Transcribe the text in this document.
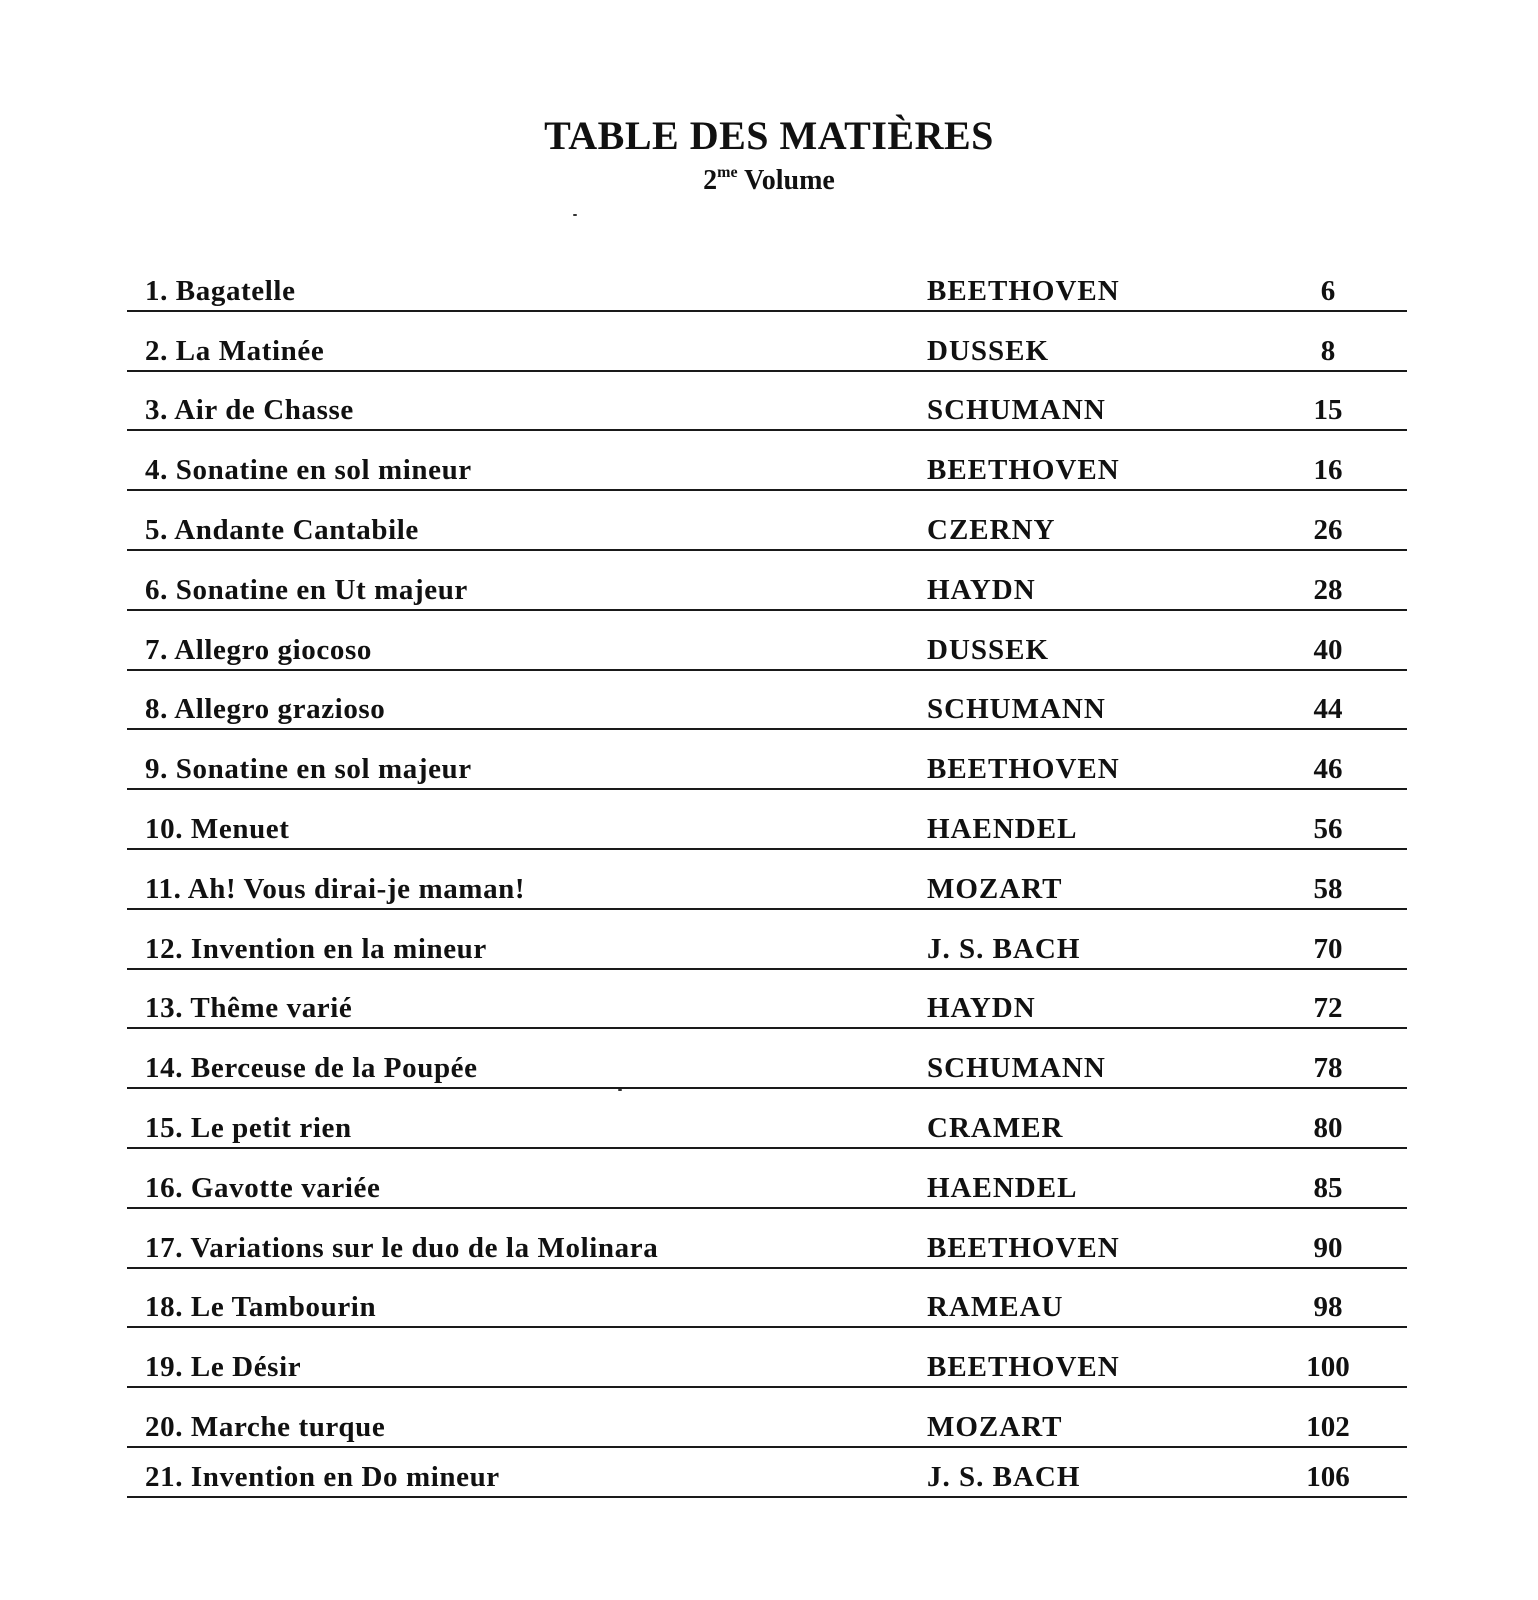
TABLE DES MATIÈRES
$2^{me}$ Volume
1. Bagatelle	BEETHOVEN	6
2. La Matinée	DUSSEK	8
3. Air de Chasse	SCHUMANN	15
4. Sonatine en sol mineur	BEETHOVEN	16
5. Andante Cantabile	CZERNY	26
6. Sonatine en Ut majeur	HAYDN	28
7. Allegro giocoso	DUSSEK	40
8. Allegro grazioso	SCHUMANN	44
9. Sonatine en sol majeur	BEETHOVEN	46
10. Menuet	HAENDEL	56
11. Ah! Vous dirai-je maman!	MOZART	58
12. Invention en la mineur	J. S. BACH	70
13. Thême varié	HAYDN	72
14. Berceuse de la Poupée	SCHUMANN	78
15. Le petit rien	CRAMER	80
16. Gavotte variée	HAENDEL	85
17. Variations sur le duo de la Molinara	BEETHOVEN	90
18. Le Tambourin	RAMEAU	98
19. Le Désir	BEETHOVEN	100
20. Marche turque	MOZART	102
21. Invention en Do mineur	J. S. BACH	106
